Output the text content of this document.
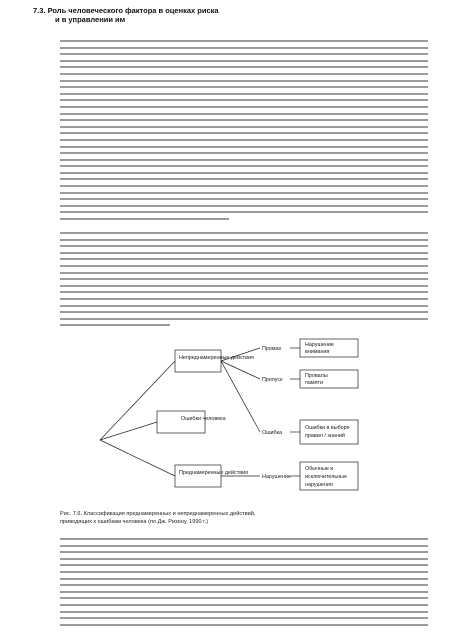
7.3. Роль человеческого фактора в оценках риска
и в управлении им
Ошибки человека
Непреднамеренные действия
Преднамеренные действия
Промах
Пропуск
Ошибка
Нарушение
Нарушение
внимания
Провалы
памяти
Ошибки в выборе
правил / знаний
Обычные и
исключительные
нарушения
Рис. 7.6. Классификация преднамеренных и непреднамеренных действий,
приводящих к ошибкам человека (по Дж. Ризону, 1990 г.)
